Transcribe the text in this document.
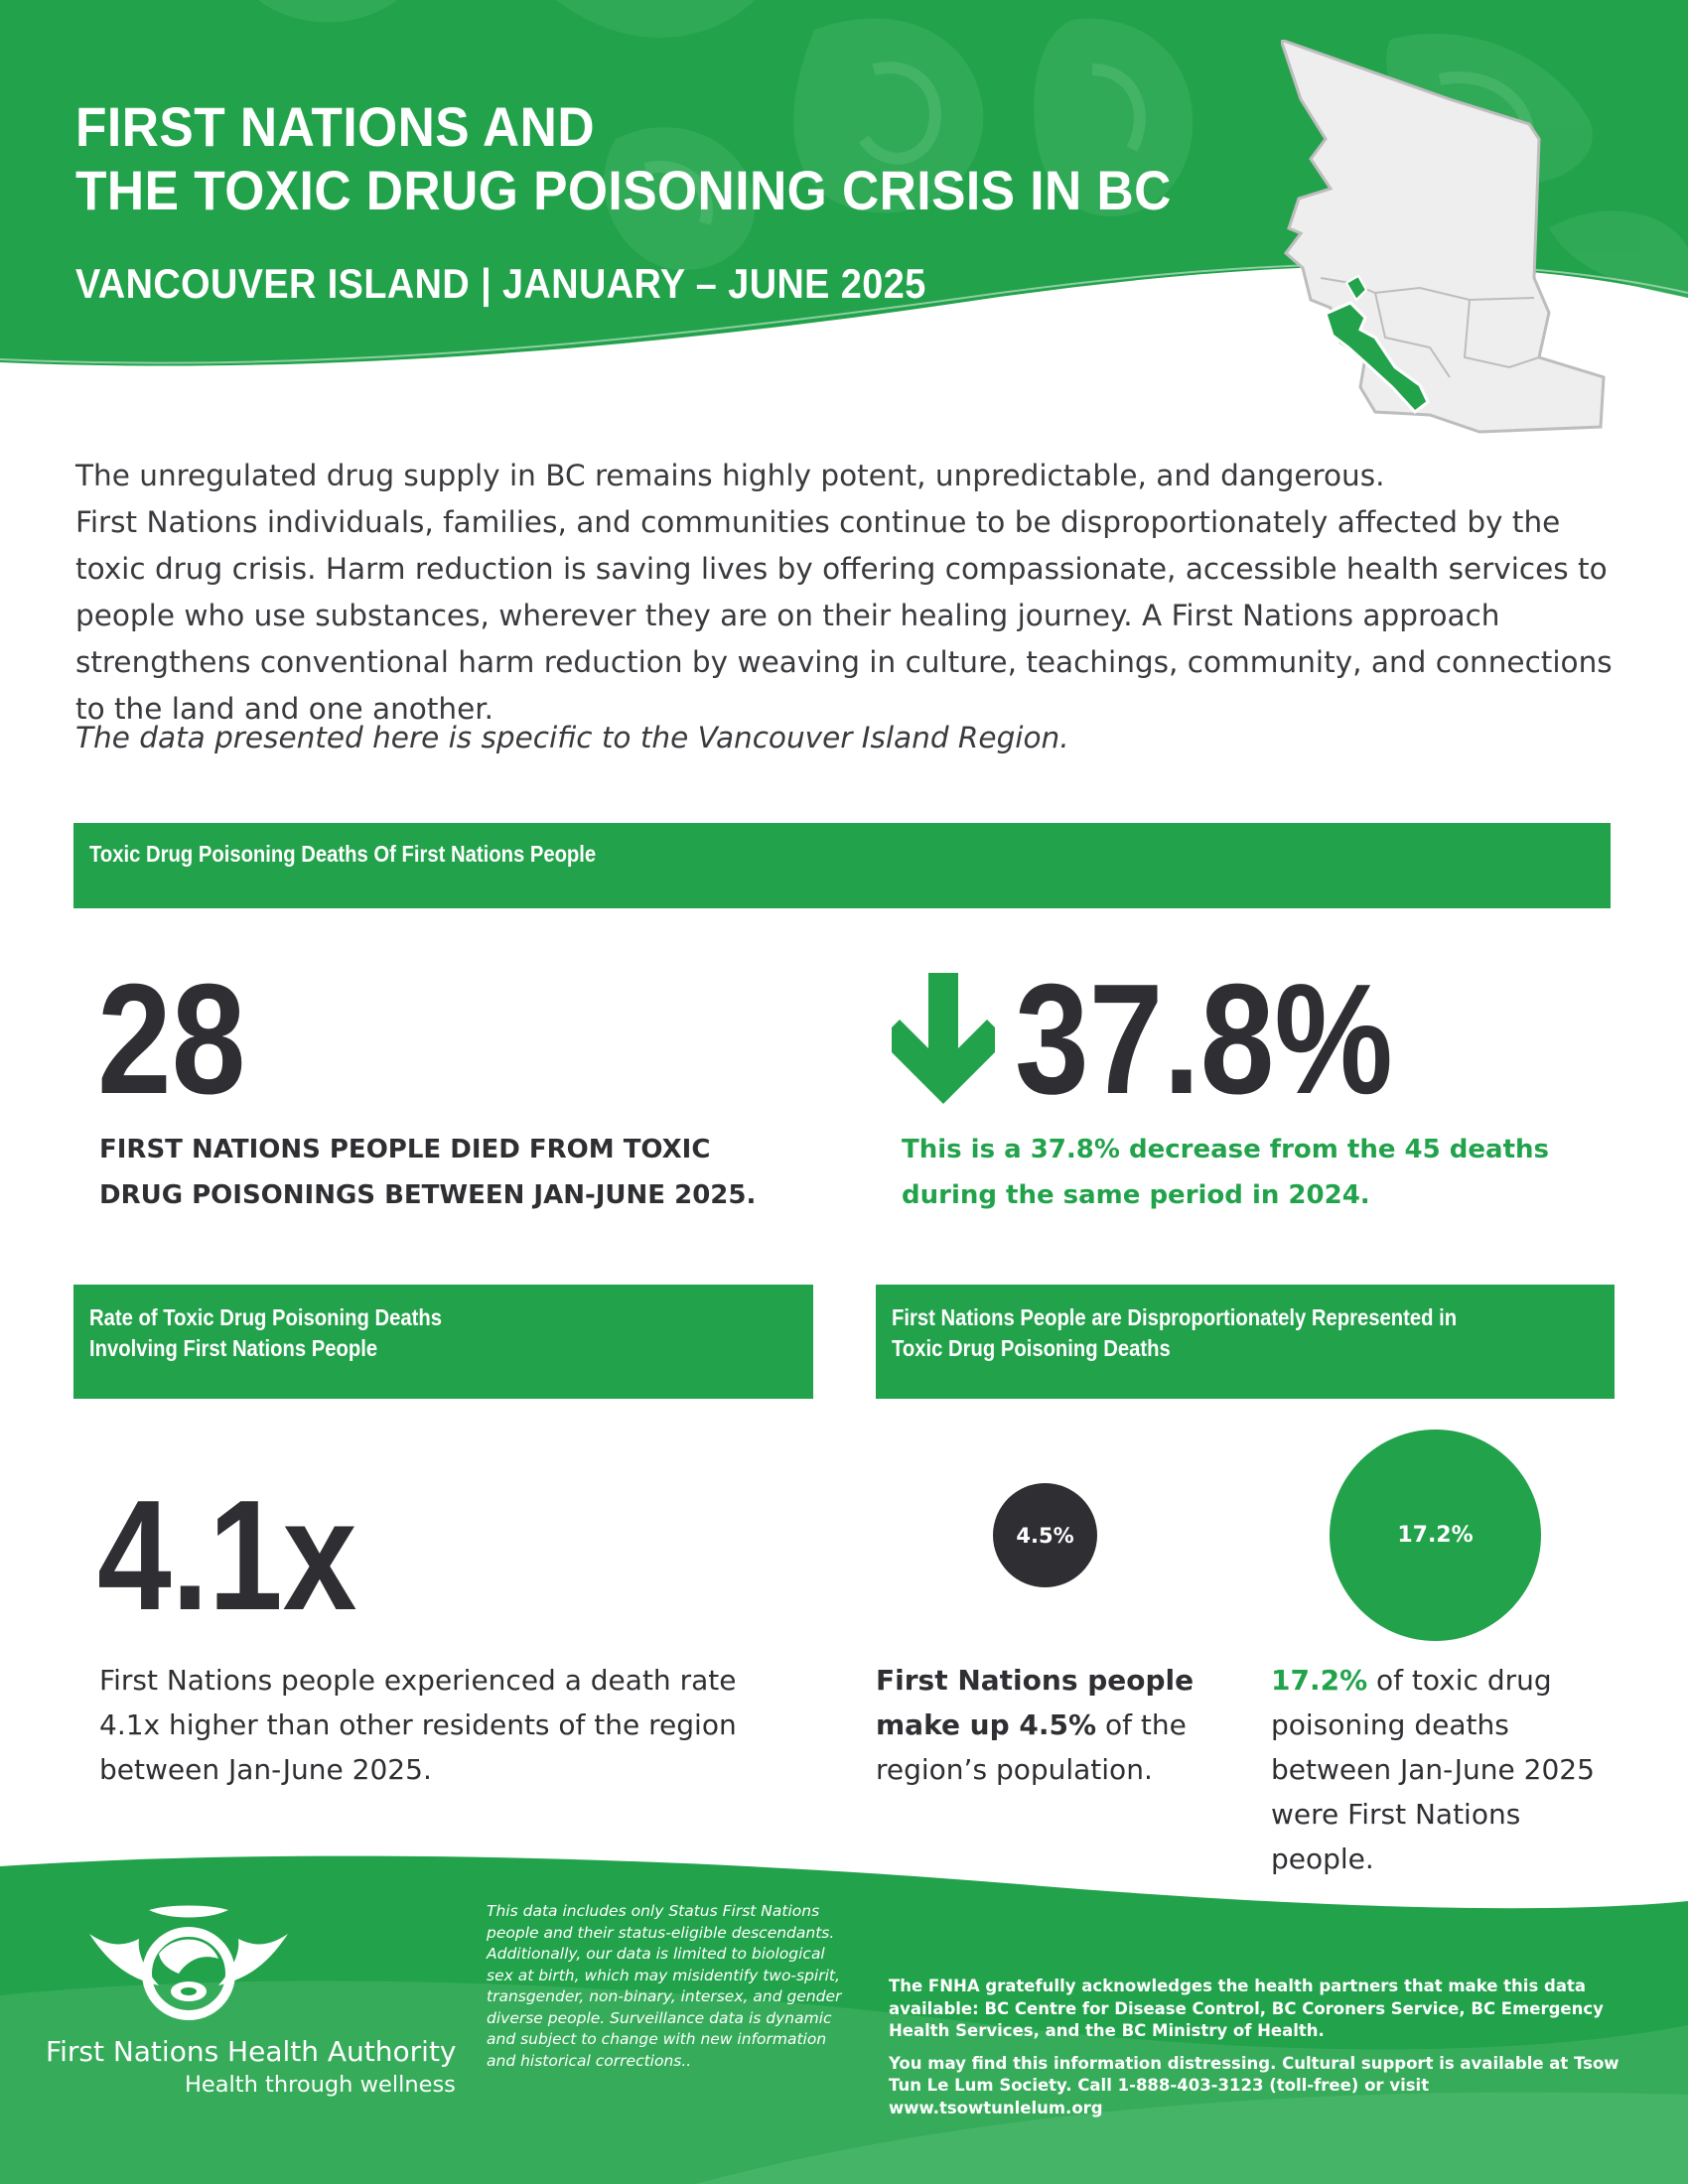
FIRST NATIONS AND
THE TOXIC DRUG POISONING CRISIS IN BC
VANCOUVER ISLAND | JANUARY – JUNE 2025

The unregulated drug supply in BC remains highly potent, unpredictable, and dangerous.

First Nations individuals, families, and communities continue to be disproportionately affected by the toxic drug crisis. Harm reduction is saving lives by offering compassionate, accessible health services to people who use substances, wherever they are on their healing journey. A First Nations approach strengthens conventional harm reduction by weaving in culture, teachings, community, and connections to the land and one another.

The data presented here is specific to the Vancouver Island Region.
Toxic Drug Poisoning Deaths Of First Nations People
28
FIRST NATIONS PEOPLE DIED FROM TOXIC DRUG POISONINGS BETWEEN JAN-JUNE 2025.
37.8%
This is a 37.8% decrease from the 45 deaths during the same period in 2024.
Rate of Toxic Drug Poisoning Deaths
Involving First Nations People
First Nations People are Disproportionately Represented in
Toxic Drug Poisoning Deaths
4.1x
First Nations people experienced a death rate 4.1x higher than other residents of the region between Jan-June 2025.
4.5%	17.2%
First Nations people make up 4.5% of the region’s population.
17.2% of toxic drug poisoning deaths between Jan-June 2025 were First Nations people.
First Nations Health Authority
Health through wellness
This data includes only Status First Nations people and their status-eligible descendants. Additionally, our data is limited to biological sex at birth, which may misidentify two-spirit, transgender, non-binary, intersex, and gender diverse people. Surveillance data is dynamic and subject to change with new information and historical corrections..

The FNHA gratefully acknowledges the health partners that make this data available: BC Centre for Disease Control, BC Coroners Service, BC Emergency Health Services, and the BC Ministry of Health.

You may find this information distressing. Cultural support is available at Tsow Tun Le Lum Society. Call 1-888-403-3123 (toll-free) or visit www.tsowtunlelum.org
